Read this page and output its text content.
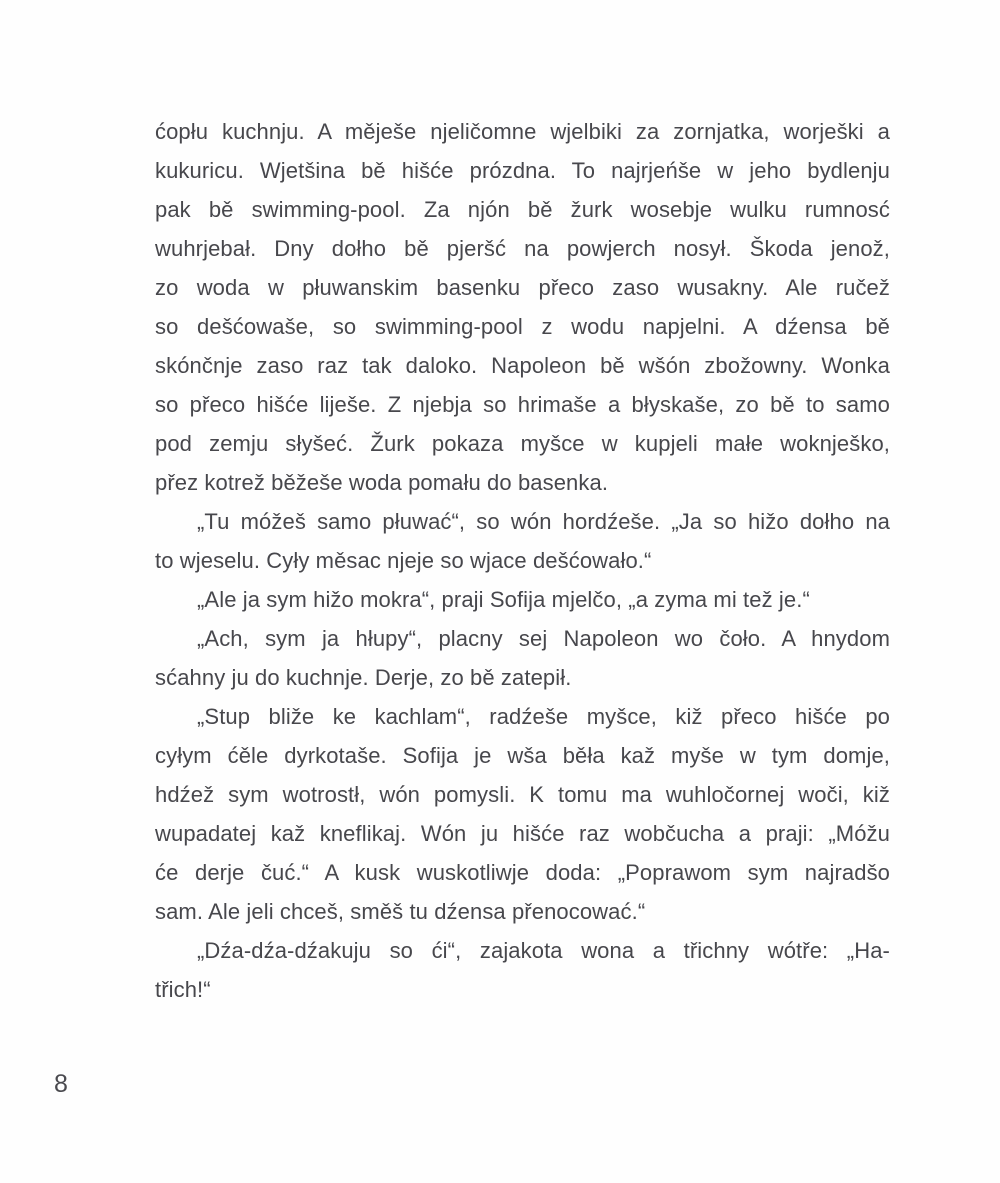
ćopłu kuchnju. A měješe njeličomne wjelbiki za zornjatka, worješki a
kukuricu. Wjetšina bě hišće prózdna. To najrjeńše w jeho bydlenju
pak bě swimming-pool. Za njón bě žurk wosebje wulku rumnosć
wuhrjebał. Dny dołho bě pjeršć na powjerch nosył. Škoda jenož,
zo woda w płuwanskim basenku přeco zaso wusakny. Ale ručež
so dešćowaše, so swimming-pool z wodu napjelni. A dźensa bě
skónčnje zaso raz tak daloko. Napoleon bě wšón zbožowny. Wonka
so přeco hišće liješe. Z njebja so hrimaše a błyskaše, zo bě to samo
pod zemju słyšeć. Žurk pokaza myšce w kupjeli małe woknješko,
přez kotrež běžeše woda pomału do basenka.
„Tu móžeš samo płuwać“, so wón hordźeše. „Ja so hižo dołho na
to wjeselu. Cyły měsac njeje so wjace dešćowało.“
„Ale ja sym hižo mokra“, praji Sofija mjelčo, „a zyma mi tež je.“
„Ach, sym ja hłupy“, placny sej Napoleon wo čoło. A hnydom
sćahny ju do kuchnje. Derje, zo bě zatepił.
„Stup bliže ke kachlam“, radźeše myšce, kiž přeco hišće po
cyłym ćěle dyrkotaše. Sofija je wša běła kaž myše w tym domje,
hdźež sym wotrostł, wón pomysli. K tomu ma wuhločornej woči, kiž
wupadatej kaž kneflikaj. Wón ju hišće raz wobčucha a praji: „Móžu
će derje čuć.“ A kusk wuskotliwje doda: „Poprawom sym najradšo
sam. Ale jeli chceš, směš tu dźensa přenocować.“
„Dźa-dźa-dźakuju so ći“, zajakota wona a třichny wótře: „Ha-
třich!“
8
